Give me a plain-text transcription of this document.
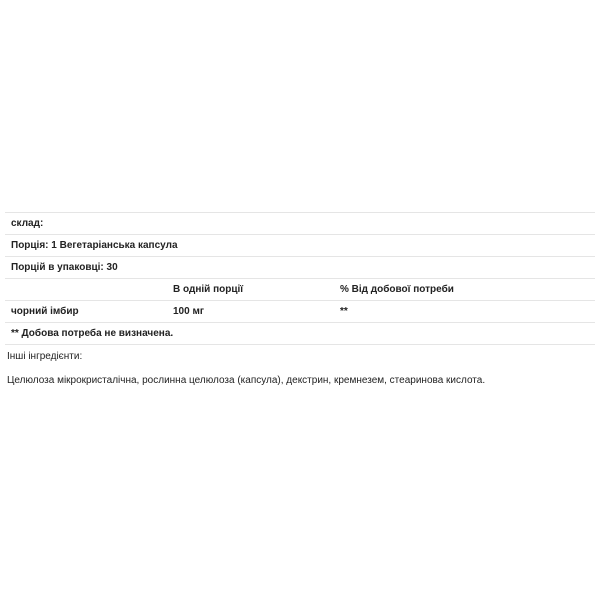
склад:		
Порція: 1 Вегетаріанська капсула		
Порцій в упаковці: 30		
	В одній порції	% Від добової потреби
чорний імбир	100 мг	**
** Добова потреба не визначена.		

Інші інгредієнти:

Целюлоза мікрокристалічна, рослинна целюлоза (капсула), декстрин, кремнезем, стеаринова кислота.
